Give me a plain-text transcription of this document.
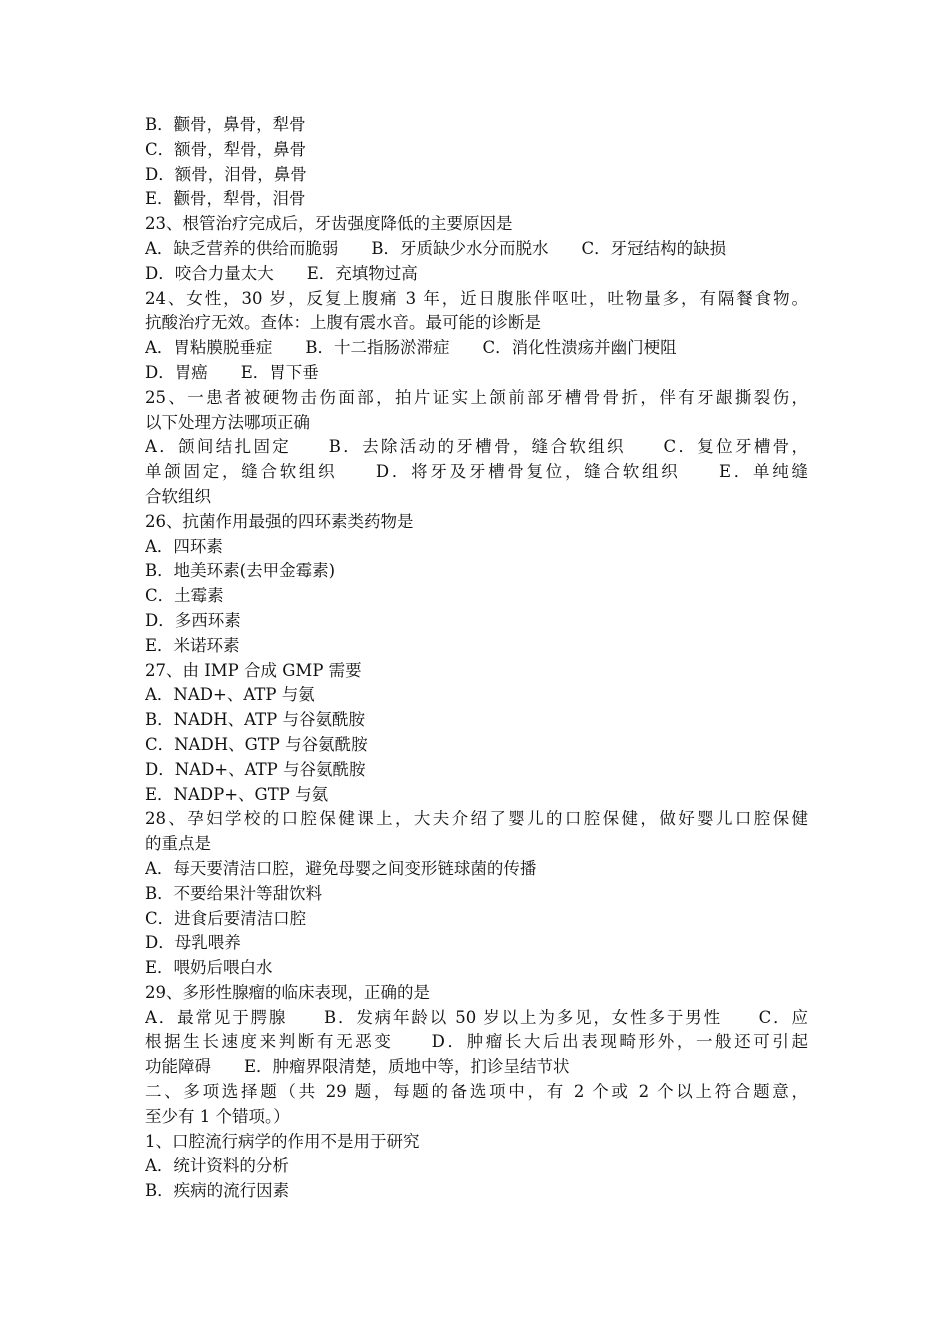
B．颧骨，鼻骨，犁骨
C．额骨，犁骨，鼻骨
D．额骨，泪骨，鼻骨
E．颧骨，犁骨，泪骨
23、根管治疗完成后，牙齿强度降低的主要原因是
A．缺乏营养的供给而脆弱　　B．牙质缺少水分而脱水　　C．牙冠结构的缺损
D．咬合力量太大　　E．充填物过高
24、女性，30 岁，反复上腹痛 3 年，近日腹胀伴呕吐，吐物量多，有隔餐食物。
抗酸治疗无效。查体：上腹有震水音。最可能的诊断是
A．胃粘膜脱垂症　　B．十二指肠淤滞症　　C．消化性溃疡并幽门梗阻
D．胃癌　　E．胃下垂
25、一患者被硬物击伤面部，拍片证实上颌前部牙槽骨骨折，伴有牙龈撕裂伤，
以下处理方法哪项正确
A．颌间结扎固定　　B．去除活动的牙槽骨，缝合软组织　　C．复位牙槽骨，
单颌固定，缝合软组织　　D．将牙及牙槽骨复位，缝合软组织　　E．单纯缝
合软组织
26、抗菌作用最强的四环素类药物是
A．四环素
B．地美环素(去甲金霉素)
C．土霉素
D．多西环素
E．米诺环素
27、由 IMP 合成 GMP 需要
A．NAD+、ATP 与氨
B．NADH、ATP 与谷氨酰胺
C．NADH、GTP 与谷氨酰胺
D．NAD+、ATP 与谷氨酰胺
E．NADP+、GTP 与氨
28、孕妇学校的口腔保健课上，大夫介绍了婴儿的口腔保健，做好婴儿口腔保健
的重点是
A．每天要清洁口腔，避免母婴之间变形链球菌的传播
B．不要给果汁等甜饮料
C．进食后要清洁口腔
D．母乳喂养
E．喂奶后喂白水
29、多形性腺瘤的临床表现，正确的是
A．最常见于腭腺　　B．发病年龄以 50 岁以上为多见，女性多于男性　　C．应
根据生长速度来判断有无恶变　　D．肿瘤长大后出表现畸形外，一般还可引起
功能障碍　　E．肿瘤界限清楚，质地中等，扪诊呈结节状
二、多项选择题（共 29 题，每题的备选项中，有 2 个或 2 个以上符合题意，
至少有 1 个错项。）
1、口腔流行病学的作用不是用于研究
A．统计资料的分析
B．疾病的流行因素
